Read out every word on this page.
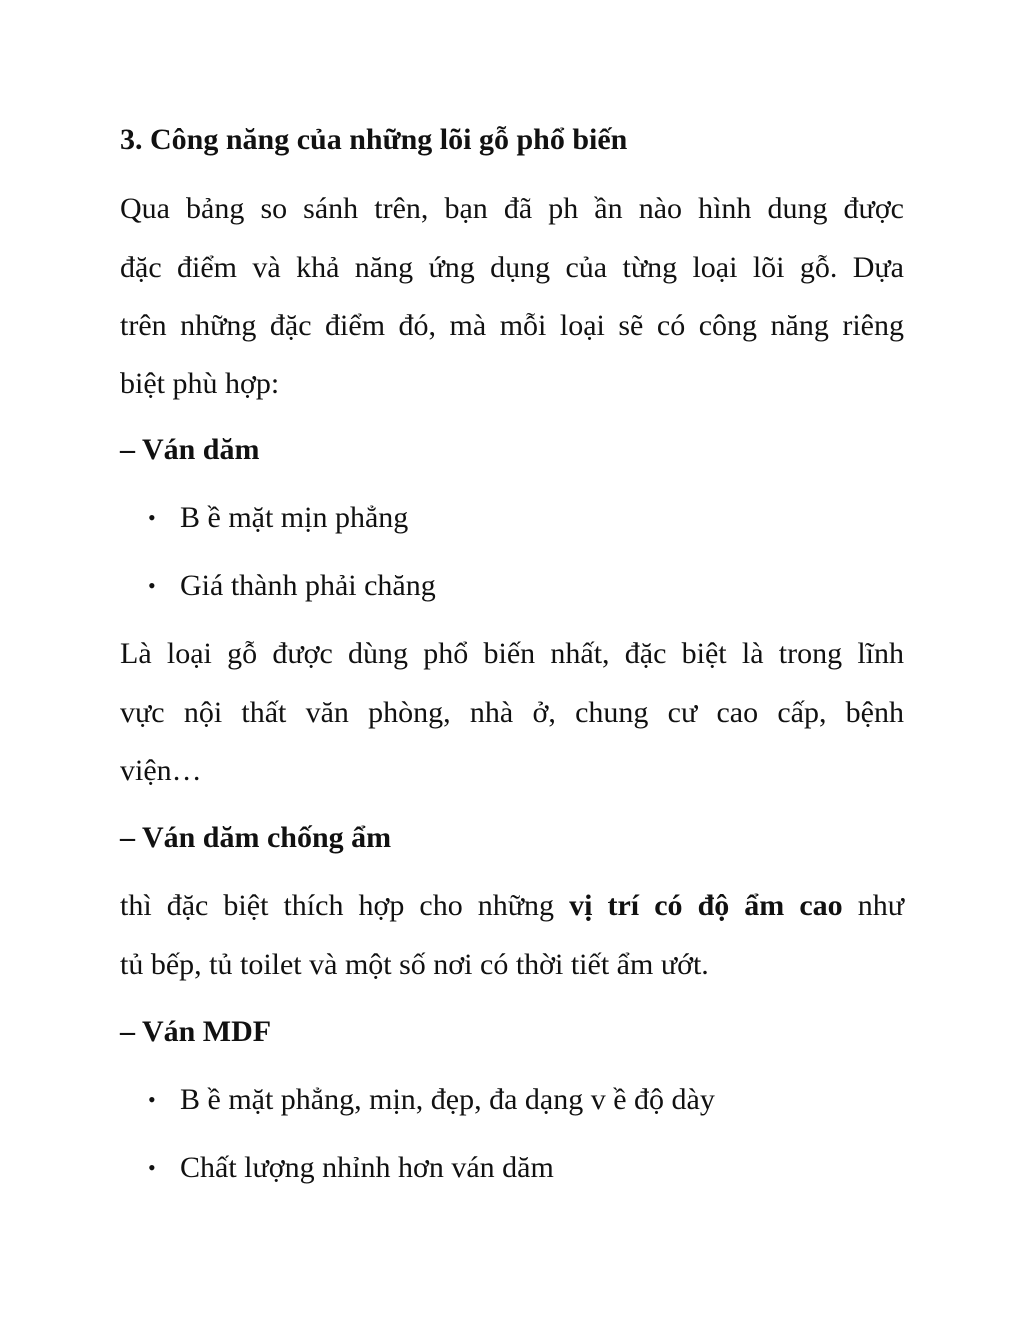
3. Công năng của những lõi gỗ phổ biến
Qua bảng so sánh trên, bạn đã ph ần nào hình dung được
đặc điểm và khả năng ứng dụng của từng loại lõi gỗ. Dựa
trên những đặc điểm đó, mà mỗi loại sẽ có công năng riêng
biệt phù hợp:
– Ván dăm
• B ề mặt mịn phẳng
• Giá thành phải chăng
Là loại gỗ được dùng phổ biến nhất, đặc biệt là trong lĩnh
vực nội thất văn phòng, nhà ở, chung cư cao cấp, bệnh
viện…
– Ván dăm chống ẩm
thì đặc biệt thích hợp cho những vị trí có độ ẩm cao như
tủ bếp, tủ toilet và một số nơi có thời tiết ẩm ướt.
– Ván MDF
• B ề mặt phẳng, mịn, đẹp, đa dạng v ề độ dày
• Chất lượng nhỉnh hơn ván dăm
